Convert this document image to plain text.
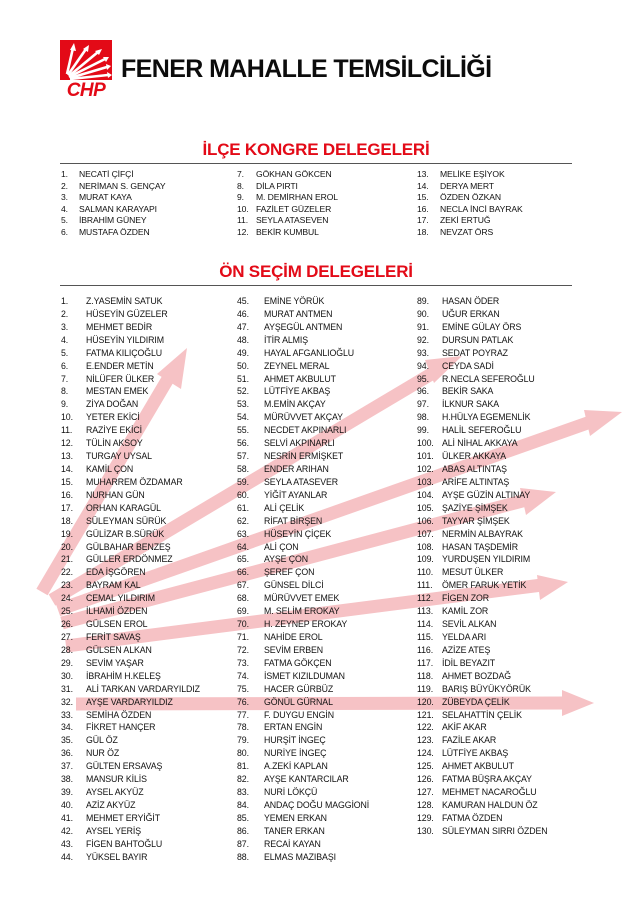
CHP
FENER MAHALLE TEMSİLCİLİĞİ
İLÇE KONGRE DELEGELERİ
1. NECATİ ÇİFÇİ
2. NERİMAN S. GENÇAY
3. MURAT KAYA
4. SALMAN KARAYAPI
5. İBRAHİM GÜNEY
6. MUSTAFA ÖZDEN
7. GÖKHAN GÖKCEN
8. DİLA PIRTI
9. M. DEMİRHAN EROL
10. FAZİLET GÜZELER
11. SEYLA ATASEVEN
12. BEKİR KUMBUL
13. MELİKE EŞİYOK
14. DERYA MERT
15. ÖZDEN ÖZKAN
16. NECLA İNCİ BAYRAK
17. ZEKİ ERTUĞ
18. NEVZAT ÖRS
ÖN SEÇİM DELEGELERİ
1. Z.YASEMİN SATUK
2. HÜSEYİN GÜZELER
3. MEHMET BEDİR
4. HÜSEYİN YILDIRIM
5. FATMA KILIÇOĞLU
6. E.ENDER METİN
7. NİLÜFER ÜLKER
8. MESTAN EMEK
9. ZİYA DOĞAN
10. YETER EKİCİ
11. RAZİYE EKİCİ
12. TÜLİN AKSOY
13. TURGAY UYSAL
14. KAMİL ÇON
15. MUHARREM ÖZDAMAR
16. NURHAN GÜN
17. ORHAN KARAGÜL
18. SÜLEYMAN SÜRÜK
19. GÜLİZAR B.SÜRÜK
20. GÜLBAHAR BENZEŞ
21. GÜLLER ERDÖNMEZ
22. EDA İŞGÖREN
23. BAYRAM KAL
24. CEMAL YILDIRIM
25. İLHAMİ ÖZDEN
26. GÜLSEN EROL
27. FERİT SAVAŞ
28. GÜLSEN ALKAN
29. SEVİM YAŞAR
30. İBRAHİM H.KELEŞ
31. ALİ TARKAN VARDARYILDIZ
32. AYŞE VARDARYILDIZ
33. SEMİHA ÖZDEN
34. FİKRET HANÇER
35. GÜL ÖZ
36. NUR ÖZ
37. GÜLTEN ERSAVAŞ
38. MANSUR KİLİS
39. AYSEL AKYÜZ
40. AZİZ AKYÜZ
41. MEHMET ERYİĞİT
42. AYSEL YERİŞ
43. FİGEN BAHTOĞLU
44. YÜKSEL BAYIR
45. EMİNE YÖRÜK
46. MURAT ANTMEN
47. AYŞEGÜL ANTMEN
48. İTİR ALMIŞ
49. HAYAL AFGANLIOĞLU
50. ZEYNEL MERAL
51. AHMET AKBULUT
52. LÜTFİYE AKBAŞ
53. M.EMİN AKÇAY
54. MÜRÜVVET AKÇAY
55. NECDET AKPINARLI
56. SELVİ AKPINARLI
57. NESRİN ERMİŞKET
58. ENDER ARIHAN
59. SEYLA ATASEVER
60. YİĞİT AYANLAR
61. ALİ ÇELİK
62. RİFAT BİRŞEN
63. HÜSEYİN ÇİÇEK
64. ALİ ÇON
65. AYŞE ÇON
66. ŞEREF ÇON
67. GÜNSEL DİLCİ
68. MÜRÜVVET EMEK
69. M. SELİM EROKAY
70. H. ZEYNEP EROKAY
71. NAHİDE EROL
72. SEVİM ERBEN
73. FATMA GÖKÇEN
74. İSMET KIZILDUMAN
75. HACER GÜRBÜZ
76. GÖNÜL GÜRNAL
77. F. DUYGU ENGİN
78. ERTAN ENGİN
79. HURŞİT İNGEÇ
80. NURİYE İNGEÇ
81. A.ZEKİ KAPLAN
82. AYŞE KANTARCILAR
83. NURİ LÖKÇÜ
84. ANDAÇ DOĞU MAGGİONİ
85. YEMEN ERKAN
86. TANER ERKAN
87. RECAİ KAYAN
88. ELMAS MAZIBAŞI
89. HASAN ÖDER
90. UĞUR ERKAN
91. EMİNE GÜLAY ÖRS
92. DURSUN PATLAK
93. SEDAT POYRAZ
94. CEYDA SADİ
95. R.NECLA SEFEROĞLU
96. BEKİR SAKA
97. İLKNUR SAKA
98. H.HÜLYA EGEMENLİK
99. HALİL SEFEROĞLU
100. ALİ NİHAL AKKAYA
101. ÜLKER AKKAYA
102. ABAS ALTINTAŞ
103. ARİFE ALTINTAŞ
104. AYŞE GÜZİN ALTINAY
105. ŞAZİYE ŞİMŞEK
106. TAYYAR ŞİMŞEK
107. NERMİN ALBAYRAK
108. HASAN TAŞDEMİR
109. YURDUŞEN YILDIRIM
110. MESUT ÜLKER
111. ÖMER FARUK YETİK
112. FİGEN ZOR
113. KAMİL ZOR
114. SEVİL ALKAN
115. YELDA ARI
116. AZİZE ATEŞ
117. İDİL BEYAZIT
118. AHMET BOZDAĞ
119. BARIŞ BÜYÜKYÖRÜK
120. ZÜBEYDA ÇELİK
121. SELAHATTİN ÇELİK
122. AKİF AKAR
123. FAZİLE AKAR
124. LÜTFİYE AKBAŞ
125. AHMET AKBULUT
126. FATMA BÜŞRA AKÇAY
127. MEHMET NACAROĞLU
128. KAMURAN HALDUN ÖZ
129. FATMA ÖZDEN
130. SÜLEYMAN SIRRI ÖZDEN
